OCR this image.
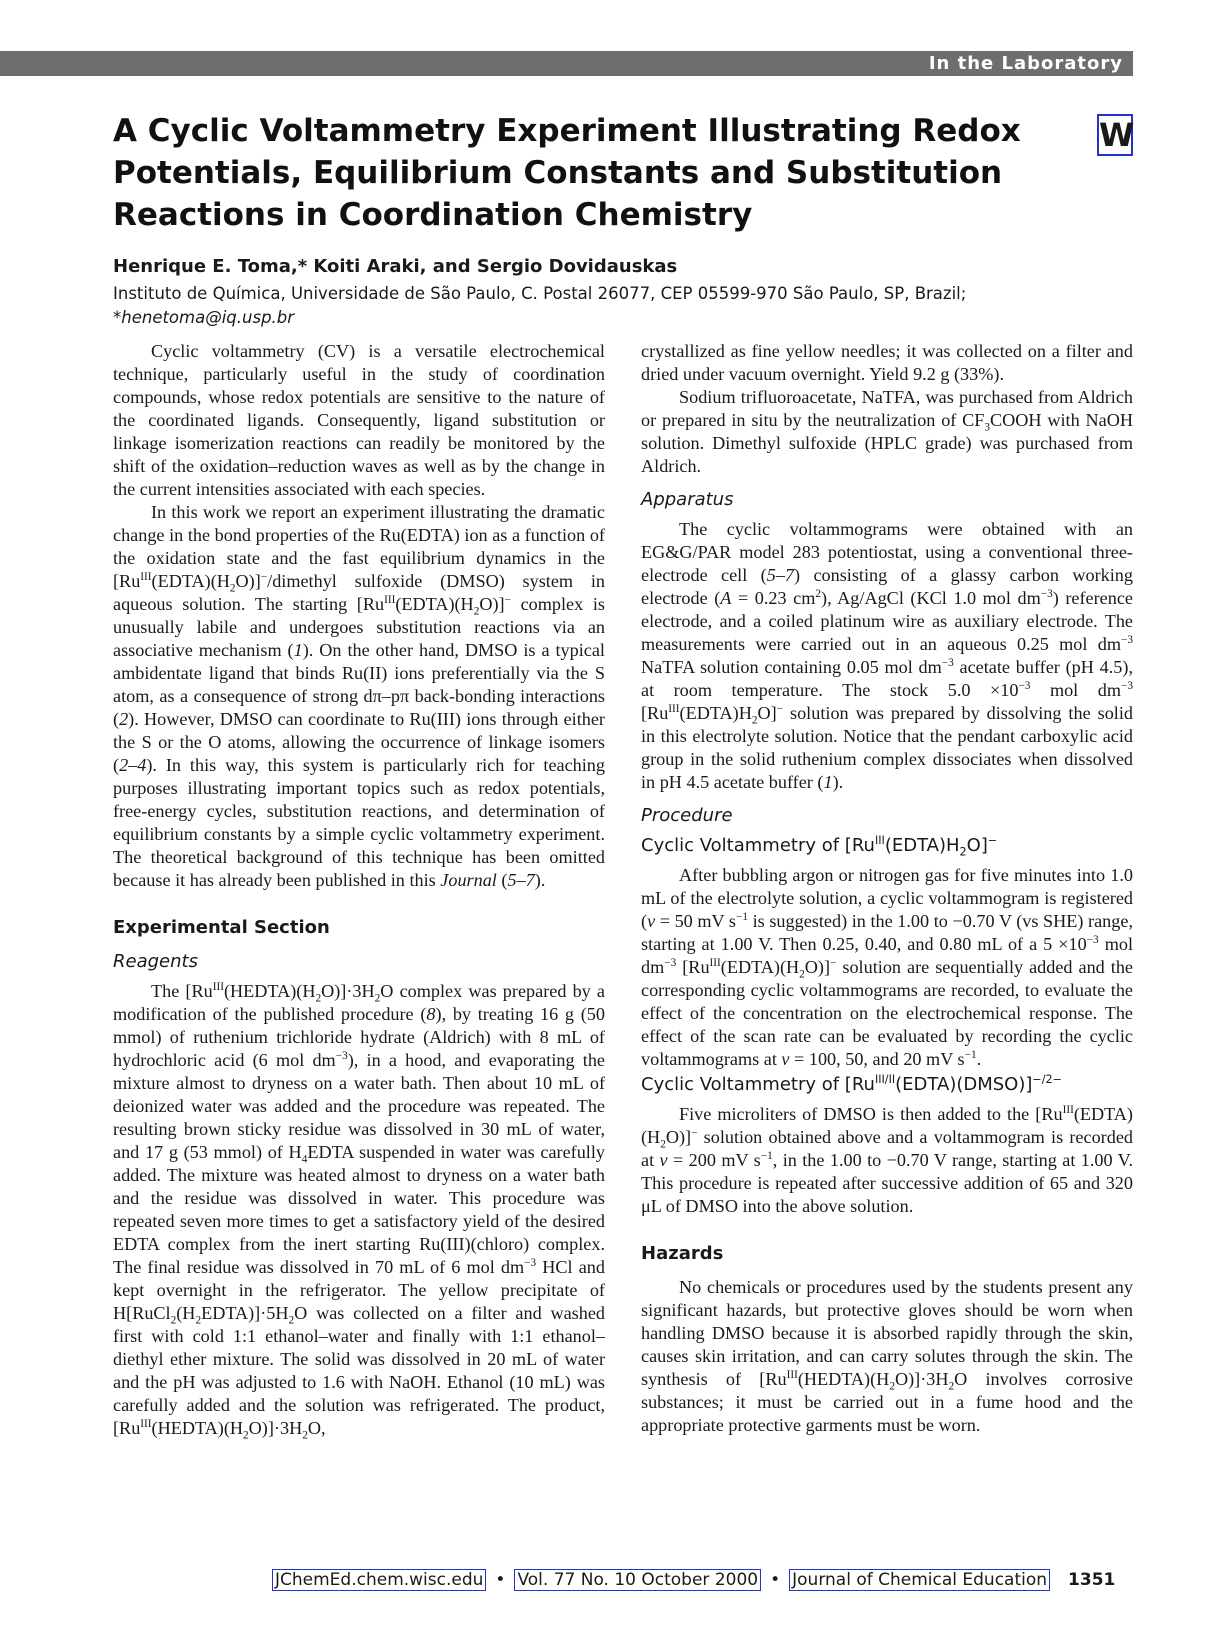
In the Laboratory
W
A Cyclic Voltammetry Experiment Illustrating Redox Potentials, Equilibrium Constants and Substitution Reactions in Coordination Chemistry
Henrique E. Toma,* Koiti Araki, and Sergio Dovidauskas
Instituto de Química, Universidade de São Paulo, C. Postal 26077, CEP 05599-970 São Paulo, SP, Brazil;
*henetoma@iq.usp.br

Cyclic voltammetry (CV) is a versatile electrochemical technique, particularly useful in the study of coordination compounds, whose redox potentials are sensitive to the nature of the coordinated ligands. Consequently, ligand substitution or linkage isomerization reactions can readily be monitored by the shift of the oxidation–reduction waves as well as by the change in the current intensities associated with each species.

In this work we report an experiment illustrating the dramatic change in the bond properties of the Ru(EDTA) ion as a function of the oxidation state and the fast equilibrium dynamics in the $[Ru^{III}(EDTA)(H_2O)]^-$/dimethyl sulfoxide (DMSO) system in aqueous solution. The starting $[Ru^{III}(EDTA)(H_2O)]^-$ complex is unusually labile and undergoes substitution reactions via an associative mechanism (1). On the other hand, DMSO is a typical ambidentate ligand that binds Ru(II) ions preferentially via the S atom, as a consequence of strong dπ–pπ back-bonding interactions (2). However, DMSO can coordinate to Ru(III) ions through either the S or the O atoms, allowing the occurrence of linkage isomers (2–4). In this way, this system is particularly rich for teaching purposes illustrating important topics such as redox potentials, free-energy cycles, substitution reactions, and determination of equilibrium constants by a simple cyclic voltammetry experiment. The theoretical background of this technique has been omitted because it has already been published in this Journal (5–7).

Experimental Section
Reagents

The $[Ru^{III}(HEDTA)(H_2O)]\cdot 3H_2O$ complex was prepared by a modification of the published procedure (8), by treating 16 g (50 mmol) of ruthenium trichloride hydrate (Aldrich) with 8 mL of hydrochloric acid (6 mol $dm^{-3}$), in a hood, and evaporating the mixture almost to dryness on a water bath. Then about 10 mL of deionized water was added and the procedure was repeated. The resulting brown sticky residue was dissolved in 30 mL of water, and 17 g (53 mmol) of $H_4EDTA$ suspended in water was carefully added. The mixture was heated almost to dryness on a water bath and the residue was dissolved in water. This procedure was repeated seven more times to get a satisfactory yield of the desired EDTA complex from the inert starting Ru(III)(chloro) complex. The final residue was dissolved in 70 mL of 6 mol $dm^{-3}$ HCl and kept overnight in the refrigerator. The yellow precipitate of $H[RuCl_2(H_2EDTA)]\cdot 5H_2O$ was collected on a filter and washed first with cold 1:1 ethanol–water and finally with 1:1 ethanol–diethyl ether mixture. The solid was dissolved in 20 mL of water and the pH was adjusted to 1.6 with NaOH. Ethanol (10 mL) was carefully added and the solution was refrigerated. The product, $[Ru^{III}(HEDTA)(H_2O)]\cdot 3H_2O$,

crystallized as fine yellow needles; it was collected on a filter and dried under vacuum overnight. Yield 9.2 g (33%).

Sodium trifluoroacetate, NaTFA, was purchased from Aldrich or prepared in situ by the neutralization of $CF_3COOH$ with NaOH solution. Dimethyl sulfoxide (HPLC grade) was purchased from Aldrich.

Apparatus

The cyclic voltammograms were obtained with an EG&G/PAR model 283 potentiostat, using a conventional three-electrode cell (5–7) consisting of a glassy carbon working electrode (A = 0.23 $cm^2$), Ag/AgCl (KCl 1.0 mol $dm^{-3}$) reference electrode, and a coiled platinum wire as auxiliary electrode. The measurements were carried out in an aqueous 0.25 mol $dm^{-3}$ NaTFA solution containing 0.05 mol $dm^{-3}$ acetate buffer (pH 4.5), at room temperature. The stock $5.0 \times 10^{-3}$ mol $dm^{-3}$ $[Ru^{III}(EDTA)H_2O]^-$ solution was prepared by dissolving the solid in this electrolyte solution. Notice that the pendant carboxylic acid group in the solid ruthenium complex dissociates when dissolved in pH 4.5 acetate buffer (1).

Procedure
Cyclic Voltammetry of $[Ru^{III}(EDTA)H_2O]^-$

After bubbling argon or nitrogen gas for five minutes into 1.0 mL of the electrolyte solution, a cyclic voltammogram is registered (v = 50 mV $s^{-1}$ is suggested) in the 1.00 to −0.70 V (vs SHE) range, starting at 1.00 V. Then 0.25, 0.40, and 0.80 mL of a $5 \times 10^{-3}$ mol $dm^{-3}$ $[Ru^{III}(EDTA)(H_2O)]^-$ solution are sequentially added and the corresponding cyclic voltammograms are recorded, to evaluate the effect of the concentration on the electrochemical response. The effect of the scan rate can be evaluated by recording the cyclic voltammograms at v = 100, 50, and 20 mV $s^{-1}$.

Cyclic Voltammetry of $[Ru^{III/II}(EDTA)(DMSO)]^{-/2-}$

Five microliters of DMSO is then added to the $[Ru^{III}(EDTA)(H_2O)]^-$ solution obtained above and a voltammogram is recorded at v = 200 mV $s^{-1}$, in the 1.00 to −0.70 V range, starting at 1.00 V. This procedure is repeated after successive addition of 65 and 320 μL of DMSO into the above solution.

Hazards

No chemicals or procedures used by the students present any significant hazards, but protective gloves should be worn when handling DMSO because it is absorbed rapidly through the skin, causes skin irritation, and can carry solutes through the skin. The synthesis of $[Ru^{III}(HEDTA)(H_2O)]\cdot 3H_2O$ involves corrosive substances; it must be carried out in a fume hood and the appropriate protective garments must be worn.

JChemEd.chem.wisc.edu • Vol. 77 No. 10 October 2000 • Journal of Chemical Education 1351
